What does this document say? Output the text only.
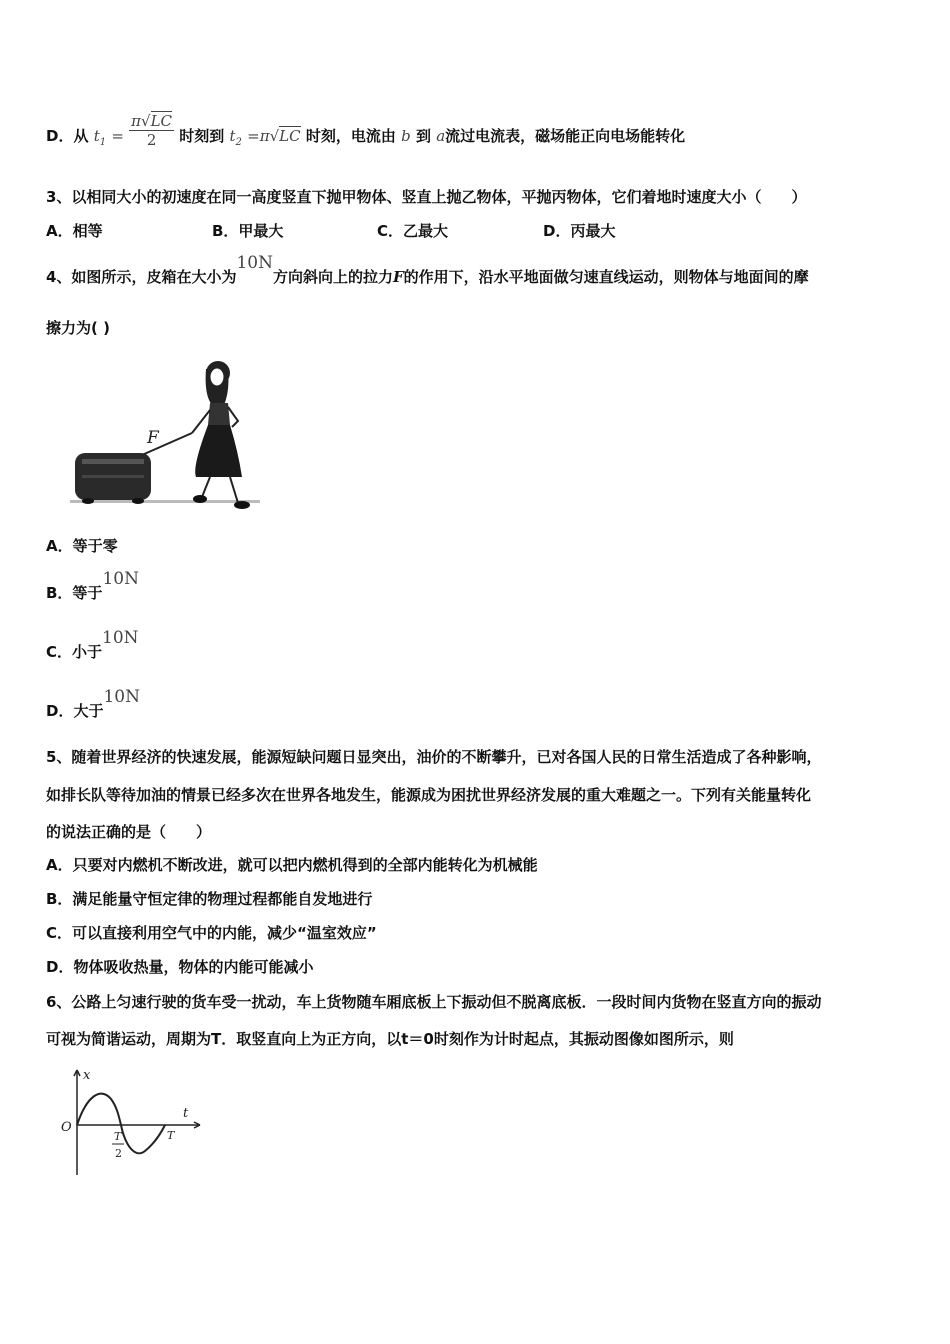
D．从 $t_1 = \frac{\pi√LC}{2}$ 时刻到 $t_2 =\pi√LC$ 时刻，电流由 b 到 a流过电流表，磁场能正向电场能转化
3、以相同大小的初速度在同一高度竖直下抛甲物体、竖直上抛乙物体，平抛丙物体，它们着地时速度大小（　　）
A．相等	B．甲最大	C．乙最大	D．丙最大
4、如图所示，皮箱在大小为10N方向斜向上的拉力F的作用下，沿水平地面做匀速直线运动，则物体与地面间的摩
擦力为( )
F
A．等于零
B．等于10N
C．小于10N
D．大于10N
5、随着世界经济的快速发展，能源短缺问题日显突出，油价的不断攀升，已对各国人民的日常生活造成了各种影响，
如排长队等待加油的情景已经多次在世界各地发生，能源成为困扰世界经济发展的重大难题之一。下列有关能量转化
的说法正确的是（　　）
A．只要对内燃机不断改进，就可以把内燃机得到的全部内能转化为机械能
B．满足能量守恒定律的物理过程都能自发地进行
C．可以直接利用空气中的内能，减少“温室效应”
D．物体吸收热量，物体的内能可能减小
6、公路上匀速行驶的货车受一扰动，车上货物随车厢底板上下振动但不脱离底板．一段时间内货物在竖直方向的振动
可视为简谐运动，周期为T．取竖直向上为正方向，以t＝0时刻作为计时起点，其振动图像如图所示，则
x
t
O
T
2
T
